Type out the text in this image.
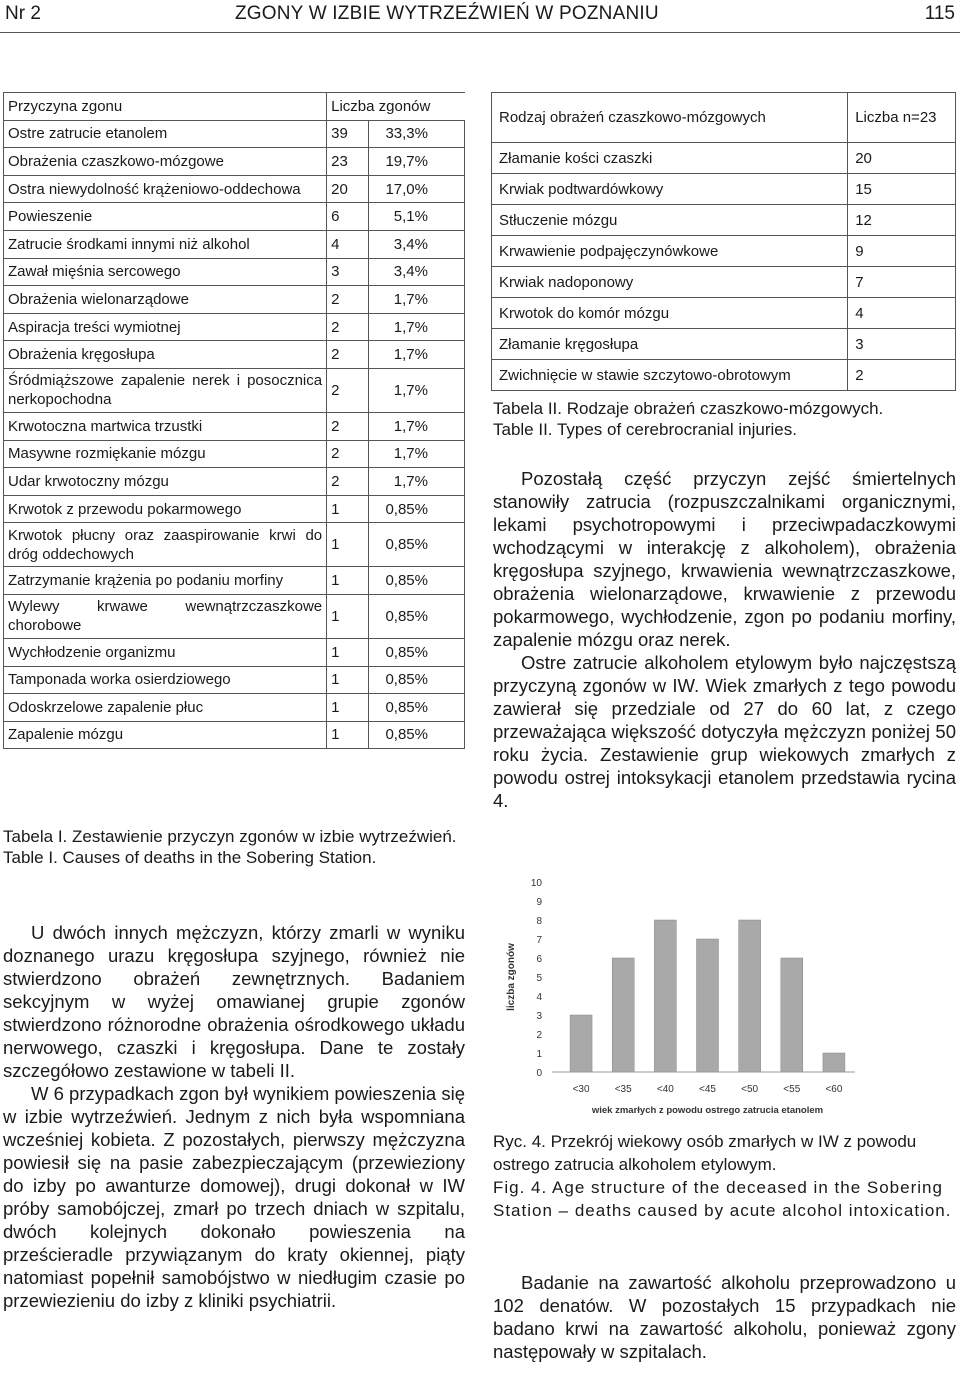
Nr 2	ZGONY W IZBIE WYTRZEŹWIEŃ W POZNANIU	115
Przyczyna zgonu	Liczba zgonów	
Ostre zatrucie etanolem	39	33,3%
Obrażenia czaszkowo-mózgowe	23	19,7%
Ostra niewydolność krążeniowo-oddechowa	20	17,0%
Powieszenie	6	5,1%
Zatrucie środkami innymi niż alkohol	4	3,4%
Zawał mięśnia sercowego	3	3,4%
Obrażenia wielonarządowe	2	1,7%
Aspiracja treści wymiotnej	2	1,7%
Obrażenia kręgosłupa	2	1,7%
Śródmiąższowe zapalenie nerek i posocznica nerkopochodna	2	1,7%
Krwotoczna martwica trzustki	2	1,7%
Masywne rozmiękanie mózgu	2	1,7%
Udar krwotoczny mózgu	2	1,7%
Krwotok z przewodu pokarmowego	1	0,85%
Krwotok płucny oraz zaaspirowanie krwi do dróg oddechowych	1	0,85%
Zatrzymanie krążenia po podaniu morfiny	1	0,85%
Wylewy krwawe wewnątrzczaszkowe chorobowe	1	0,85%
Wychłodzenie organizmu	1	0,85%
Tamponada worka osierdziowego	1	0,85%
Odoskrzelowe zapalenie płuc	1	0,85%
Zapalenie mózgu	1	0,85%
Tabela I. Zestawienie przyczyn zgonów w izbie wytrzeźwień.
Table I. Causes of deaths in the Sobering Station.

U dwóch innych mężczyzn, którzy zmarli w wyniku doznanego urazu kręgosłupa szyjnego, również nie stwierdzono obrażeń zewnętrznych. Badaniem sekcyjnym w wyżej omawianej grupie zgonów stwierdzono różnorodne obrażenia ośrodkowego układu nerwowego, czaszki i kręgosłupa. Dane te zostały szczegółowo zestawione w tabeli II.

W 6 przypadkach zgon był wynikiem powieszenia się w izbie wytrzeźwień. Jednym z nich była wspomniana wcześniej kobieta. Z pozostałych, pierwszy mężczyzna powiesił się na pasie zabezpieczającym (przewieziony do izby po awanturze domowej), drugi dokonał w IW próby samobójczej, zmarł po trzech dniach w szpitalu, dwóch kolejnych dokonało powieszenia na prześcieradle przywiązanym do kraty okiennej, piąty natomiast popełnił samobójstwo w niedługim czasie po przewiezieniu do izby z kliniki psychiatrii.

Rodzaj obrażeń czaszkowo-mózgowych	Liczba n=23
Złamanie kości czaszki	20
Krwiak podtwardówkowy	15
Stłuczenie mózgu	12
Krwawienie podpajęczynówkowe	9
Krwiak nadoponowy	7
Krwotok do komór mózgu	4
Złamanie kręgosłupa	3
Zwichnięcie w stawie szczytowo-obrotowym	2
Tabela II. Rodzaje obrażeń czaszkowo-mózgowych.
Table II. Types of cerebrocranial injuries.

Pozostałą część przyczyn zejść śmiertelnych stanowiły zatrucia (rozpuszczalnikami organicznymi, lekami psychotropowymi i przeciwpadaczkowymi wchodzącymi w interakcję z alkoholem), obrażenia kręgosłupa szyjnego, krwawienia wewnątrzczaszkowe, obrażenia wielonarządowe, krwawienie z przewodu pokarmowego, wychłodzenie, zgon po podaniu morfiny, zapalenie mózgu oraz nerek.

Ostre zatrucie alkoholem etylowym było najczęstszą przyczyną zgonów w IW. Wiek zmarłych z tego powodu zawierał się przedziale od 27 do 60 lat, z czego przeważająca większość dotyczyła mężczyzn poniżej 50 roku życia. Zestawienie grup wiekowych zmarłych z powodu ostrej intoksykacji etanolem przedstawia rycina 4.

0
1
2
3
4
5
6
7
8
9
10
<30	<35	<40	<45	<50	<55	<60
liczba zgonów
wiek zmarłych z powodu ostrego zatrucia etanolem
Ryc. 4. Przekrój wiekowy osób zmarłych w IW z powodu ostrego zatrucia alkoholem etylowym.
Fig. 4. Age structure of the deceased in the Sobering Station – deaths caused by acute alcohol intoxication.

Badanie na zawartość alkoholu przeprowadzono u 102 denatów. W pozostałych 15 przypadkach nie badano krwi na zawartość alkoholu, ponieważ zgony następowały w szpitalach.
